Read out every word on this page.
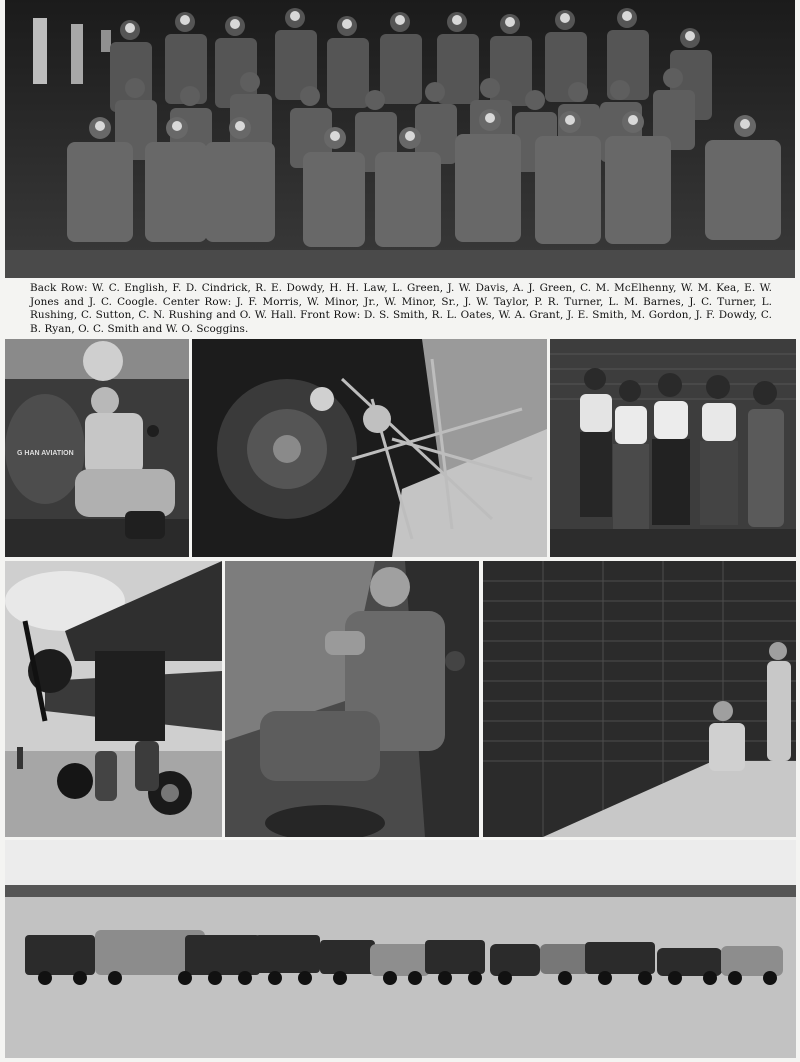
Back Row: W. C. English, F. D. Cindrick, R. E. Dowdy, H. H. Law, L. Green, J. W. Davis, A. J. Green, C. M. McElhenny, W. M. Kea, E. W. Jones and J. C. Coogle. Center Row: J. F. Morris, W. Minor, Jr., W. Minor, Sr., J. W. Taylor, P. R. Turner, L. M. Barnes, J. C. Turner, L. Rushing, C. Sutton, C. N. Rushing and O. W. Hall. Front Row: D. S. Smith, R. L. Oates, W. A. Grant, J. E. Smith, M. Gordon, J. F. Dowdy, C. B. Ryan, O. C. Smith and W. O. Scoggins.
G HAN AVIATION
